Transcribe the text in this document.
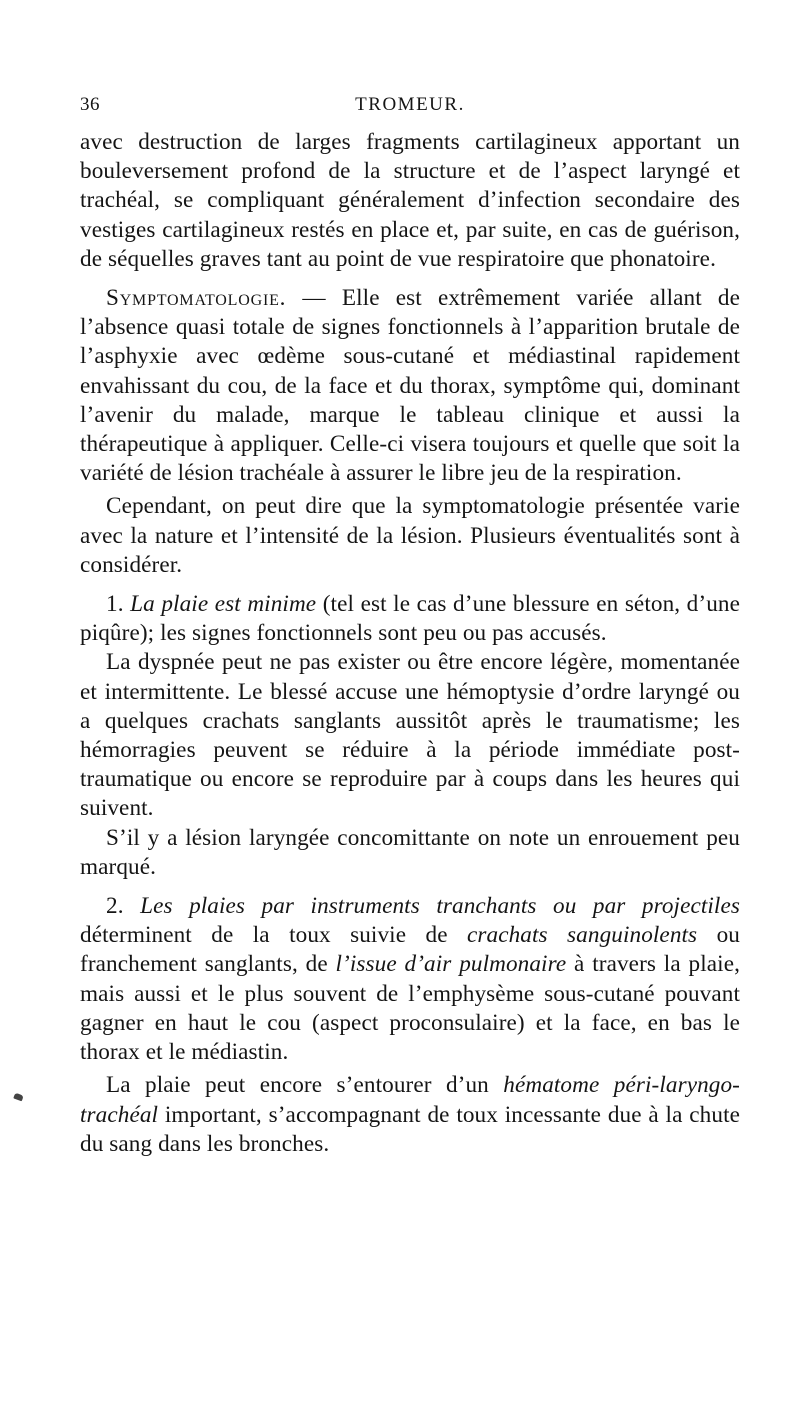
36	TROMEUR.

avec destruction de larges fragments cartilagineux apportant un bouleversement profond de la structure et de l’aspect laryngé et trachéal, se compliquant généralement d’infection secondaire des vestiges cartilagineux restés en place et, par suite, en cas de guérison, de séquelles graves tant au point de vue respiratoire que phonatoire.

Symptomatologie. — Elle est extrêmement variée allant de l’absence quasi totale de signes fonctionnels à l’apparition brutale de l’asphyxie avec œdème sous-cutané et médiastinal rapidement envahissant du cou, de la face et du thorax, symptôme qui, dominant l’avenir du malade, marque le tableau clinique et aussi la thérapeutique à appliquer. Celle-ci visera toujours et quelle que soit la variété de lésion trachéale à assurer le libre jeu de la respiration.

Cependant, on peut dire que la symptomatologie présentée varie avec la nature et l’intensité de la lésion. Plusieurs éventualités sont à considérer.

1. La plaie est minime (tel est le cas d’une blessure en séton, d’une piqûre); les signes fonctionnels sont peu ou pas accusés.

La dyspnée peut ne pas exister ou être encore légère, momentanée et intermittente. Le blessé accuse une hémoptysie d’ordre laryngé ou a quelques crachats sanglants aussitôt après le traumatisme; les hémorragies peuvent se réduire à la période immédiate post-traumatique ou encore se reproduire par à coups dans les heures qui suivent.

S’il y a lésion laryngée concomittante on note un enrouement peu marqué.

2. Les plaies par instruments tranchants ou par projectiles déterminent de la toux suivie de crachats sanguinolents ou franchement sanglants, de l’issue d’air pulmonaire à travers la plaie, mais aussi et le plus souvent de l’emphysème sous-cutané pouvant gagner en haut le cou (aspect proconsulaire) et la face, en bas le thorax et le médiastin.

La plaie peut encore s’entourer d’un hématome péri-laryngo-trachéal important, s’accompagnant de toux incessante due à la chute du sang dans les bronches.
